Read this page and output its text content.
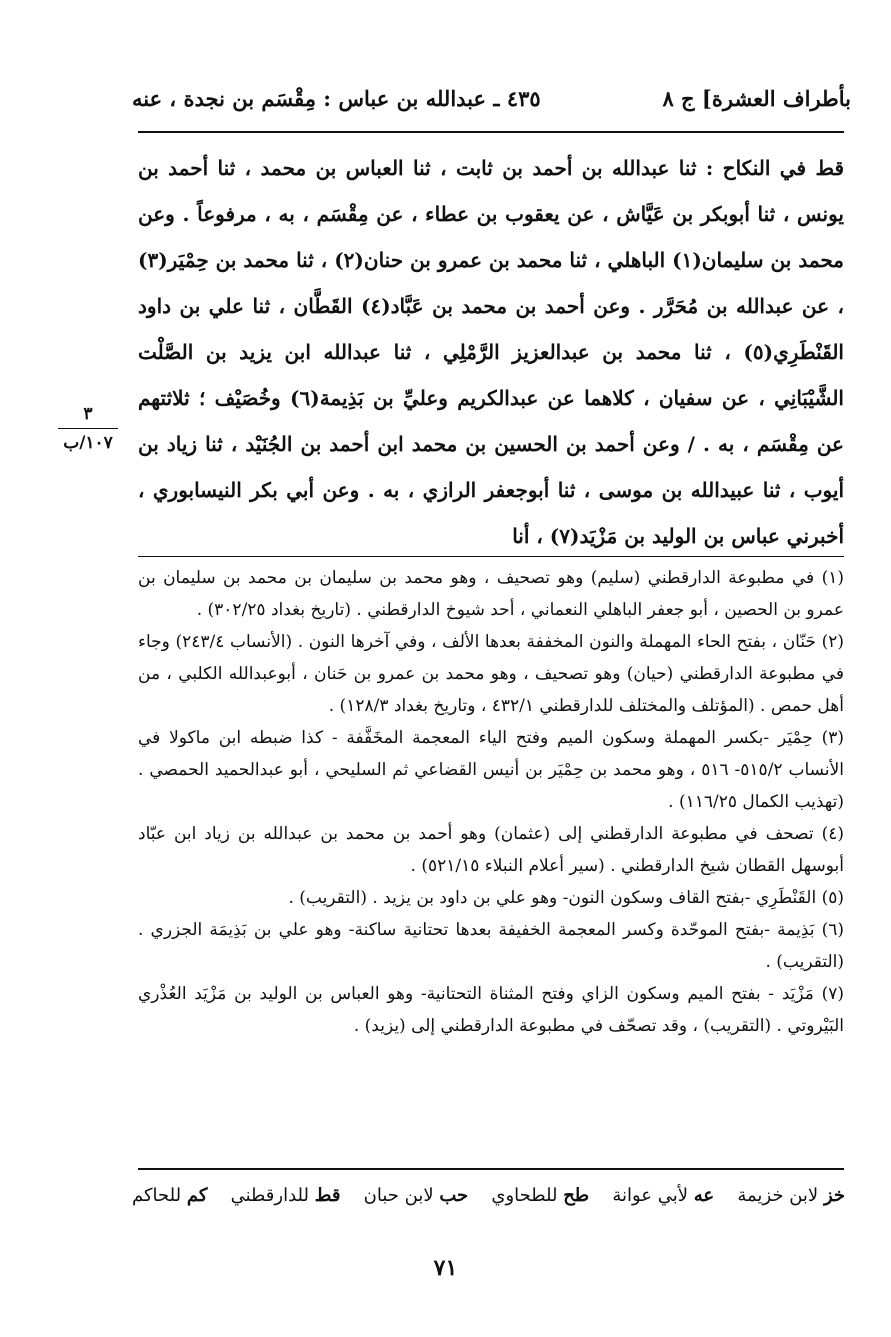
بأطراف العشرة] ج ٨
٤٣٥ ـ عبدالله بن عباس : مِقْسَم بن نجدة ، عنه
قط في النكاح : ثنا عبدالله بن أحمد بن ثابت ، ثنا العباس بن محمد ، ثنا أحمد بن يونس ، ثنا أبوبكر بن عَيَّاش ، عن يعقوب بن عطاء ، عن مِقْسَم ، به ، مرفوعاً . وعن محمد بن سليمان(١) الباهلي ، ثنا محمد بن عمرو بن حنان(٢) ، ثنا محمد بن حِمْيَر(٣) ، عن عبدالله بن مُحَرَّر . وعن أحمد بن محمد بن عَبَّاد(٤) القَطَّان ، ثنا علي بن داود القَنْطَرِي(٥) ، ثنا محمد بن عبدالعزيز الرَّمْلِي ، ثنا عبدالله ابن يزيد بن الصَّلْت الشَّيْبَانِي ، عن سفيان ، كلاهما عن عبدالكريم وعليِّ بن بَذِيمة(٦) وخُصَيْف ؛ ثلاثتهم عن مِقْسَم ، به . / وعن أحمد بن الحسين بن محمد ابن أحمد بن الجُنَيْد ، ثنا زياد بن أيوب ، ثنا عبيدالله بن موسى ، ثنا أبوجعفر الرازي ، به . وعن أبي بكر النيسابوري ، أخبرني عباس بن الوليد بن مَزْيَد(٧) ، أنا
٣
١٠٧/ب

(١) في مطبوعة الدارقطني (سليم) وهو تصحيف ، وهو محمد بن سليمان بن محمد بن سليمان بن عمرو بن الحصين ، أبو جعفر الباهلي النعماني ، أحد شيوخ الدارقطني . (تاريخ بغداد ٣٠٢/٢٥) .

(٢) حَنّان ، بفتح الحاء المهملة والنون المخففة بعدها الألف ، وفي آخرها النون . (الأنساب ٢٤٣/٤) وجاء في مطبوعة الدارقطني (حيان) وهو تصحيف ، وهو محمد بن عمرو بن حَنان ، أبوعبدالله الكلبي ، من أهل حمص . (المؤتلف والمختلف للدارقطني ٤٣٢/١ ، وتاريخ بغداد ١٢٨/٣) .

(٣) حِمْيَر -بكسر المهملة وسكون الميم وفتح الياء المعجمة المخَفَّفة - كذا ضبطه ابن ماكولا في الأنساب ٥١٥/٢- ٥١٦ ، وهو محمد بن حِمْيَر بن أنيس القضاعي ثم السليحي ، أبو عبدالحميد الحمصي . (تهذيب الكمال ١١٦/٢٥) .

(٤) تصحف في مطبوعة الدارقطني إلى (عثمان) وهو أحمد بن محمد بن عبدالله بن زياد ابن عبّاد أبوسهل القطان شيخ الدارقطني . (سير أعلام النبلاء ٥٢١/١٥) .

(٥) القَنْطَرِي -بفتح القاف وسكون النون- وهو علي بن داود بن يزيد . (التقريب) .

(٦) بَذِيمة -بفتح الموحّدة وكسر المعجمة الخفيفة بعدها تحتانية ساكنة- وهو علي بن بَذِيمَة الجزري . (التقريب) .

(٧) مَزْيَد - بفتح الميم وسكون الزاي وفتح المثناة التحتانية- وهو العباس بن الوليد بن مَزْيَد العُذْري البَيْروتي . (التقريب) ، وقد تصحّف في مطبوعة الدارقطني إلى (يزيد) .

خز لابن خزيمة
عه لأبي عوانة
طح للطحاوي
حب لابن حبان
قط للدارقطني
كم للحاكم
٧١
